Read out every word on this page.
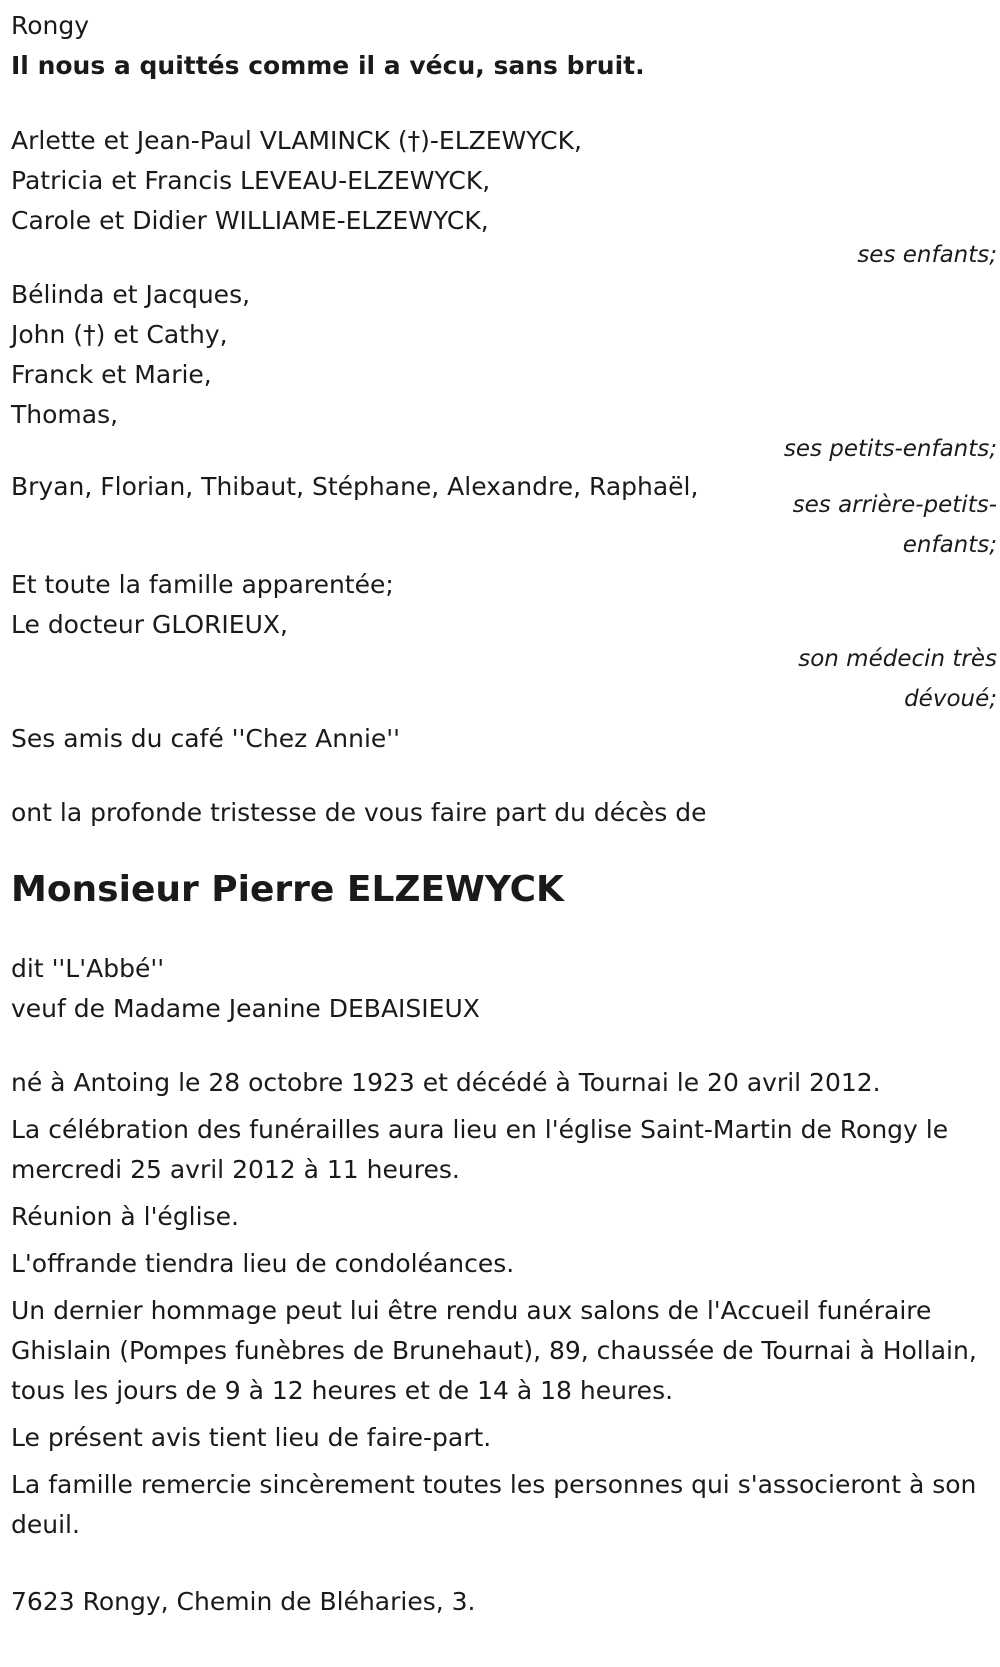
Rongy

Il nous a quittés comme il a vécu, sans bruit.

Arlette et Jean-Paul VLAMINCK (†)-ELZEWYCK,

Patricia et Francis LEVEAU-ELZEWYCK,

Carole et Didier WILLIAME-ELZEWYCK,

ses enfants;

Bélinda et Jacques,

John (†) et Cathy,

Franck et Marie,

Thomas,

ses petits-enfants;

Bryan, Florian, Thibaut, Stéphane, Alexandre, Raphaël,

ses arrière-petits-

enfants;

Et toute la famille apparentée;

Le docteur GLORIEUX,

son médecin très

dévoué;

Ses amis du café ''Chez Annie''

ont la profonde tristesse de vous faire part du décès de

Monsieur Pierre ELZEWYCK

dit ''L'Abbé''

veuf de Madame Jeanine DEBAISIEUX

né à Antoing le 28 octobre 1923 et décédé à Tournai le 20 avril 2012.

La célébration des funérailles aura lieu en l'église Saint-Martin de Rongy le mercredi 25 avril 2012 à 11 heures.

Réunion à l'église.

L'offrande tiendra lieu de condoléances.

Un dernier hommage peut lui être rendu aux salons de l'Accueil funéraire Ghislain (Pompes funèbres de Brunehaut), 89, chaussée de Tournai à Hollain, tous les jours de 9 à 12 heures et de 14 à 18 heures.

Le présent avis tient lieu de faire-part.

La famille remercie sincèrement toutes les personnes qui s'associeront à son deuil.

7623 Rongy, Chemin de Bléharies, 3.
